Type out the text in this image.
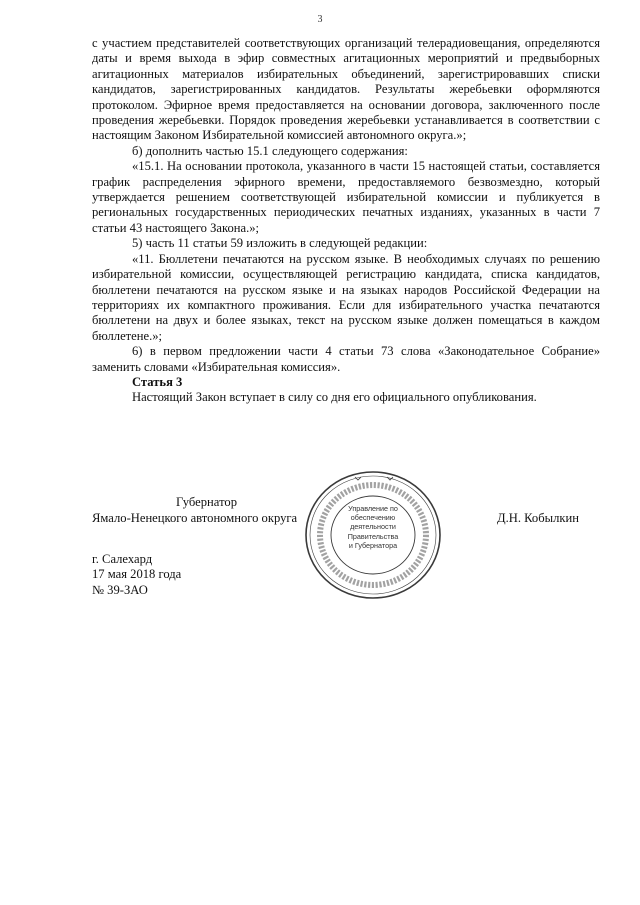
3

с участием представителей соответствующих организаций телерадиовещания, определяются даты и время выхода в эфир совместных агитационных мероприятий и предвыборных агитационных материалов избирательных объединений, зарегистрировавших списки кандидатов, зарегистрированных кандидатов. Результаты жеребьевки оформляются протоколом. Эфирное время предоставляется на основании договора, заключенного после проведения жеребьевки. Порядок проведения жеребьевки устанавливается в соответствии с настоящим Законом Избирательной комиссией автономного округа.»;

б) дополнить частью 15.1 следующего содержания:

«15.1. На основании протокола, указанного в части 15 настоящей статьи, составляется график распределения эфирного времени, предоставляемого безвозмездно, который утверждается решением соответствующей избирательной комиссии и публикуется в региональных государственных периодических печатных изданиях, указанных в части 7 статьи 43 настоящего Закона.»;

5) часть 11 статьи 59 изложить в следующей редакции:

«11. Бюллетени печатаются на русском языке. В необходимых случаях по решению избирательной комиссии, осуществляющей регистрацию кандидата, списка кандидатов, бюллетени печатаются на русском языке и на языках народов Российской Федерации на территориях их компактного проживания. Если для избирательного участка печатаются бюллетени на двух и более языках, текст на русском языке должен помещаться в каждом бюллетене.»;

6) в первом предложении части 4 статьи 73 слова «Законодательное Собрание» заменить словами «Избирательная комиссия».

Статья 3

Настоящий Закон вступает в силу со дня его официального опубликования.

Губернатор
Ямало-Ненецкого автономного округа	Д.Н. Кобылкин
г. Салехард
17 мая 2018 года
№ 39-ЗАО
Управление по
обеспечению
деятельности
Правительства
и Губернатора
